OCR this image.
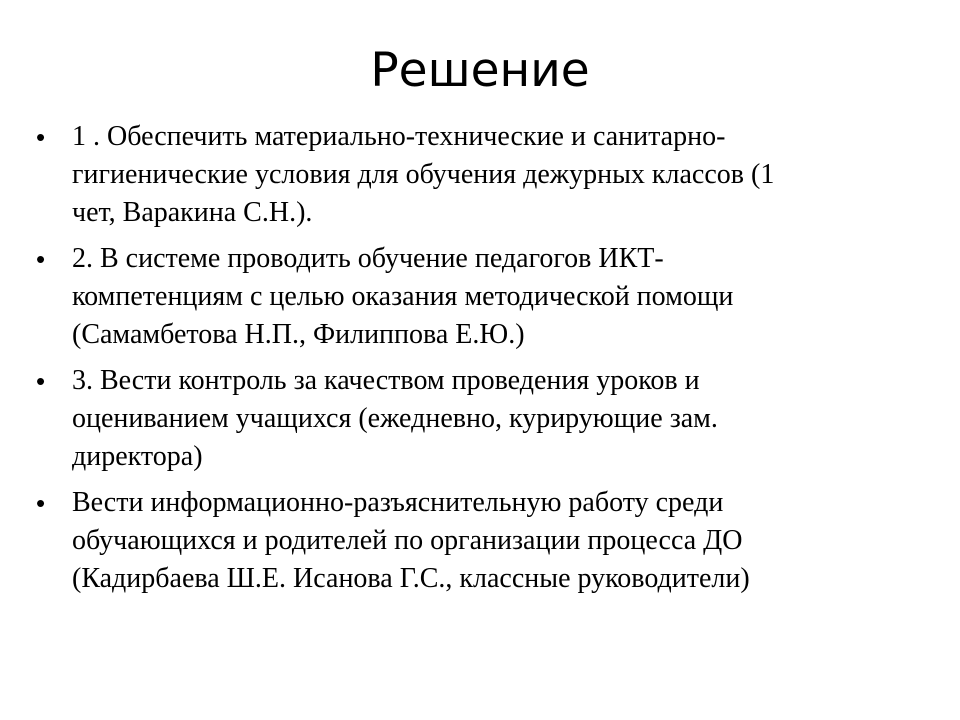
Решение
• 1 . Обеспечить материально-технические и санитарно-
гигиенические условия для обучения дежурных классов (1
чет, Варакина С.Н.).
• 2. В системе проводить обучение педагогов ИКТ-
компетенциям с целью оказания методической помощи
(Самамбетова Н.П., Филиппова Е.Ю.)
• 3. Вести контроль за качеством проведения уроков и
оцениванием учащихся (ежедневно, курирующие зам.
директора)
• Вести информационно-разъяснительную работу среди
обучающихся и родителей по организации процесса ДО
(Кадирбаева Ш.Е. Исанова Г.С., классные руководители)
